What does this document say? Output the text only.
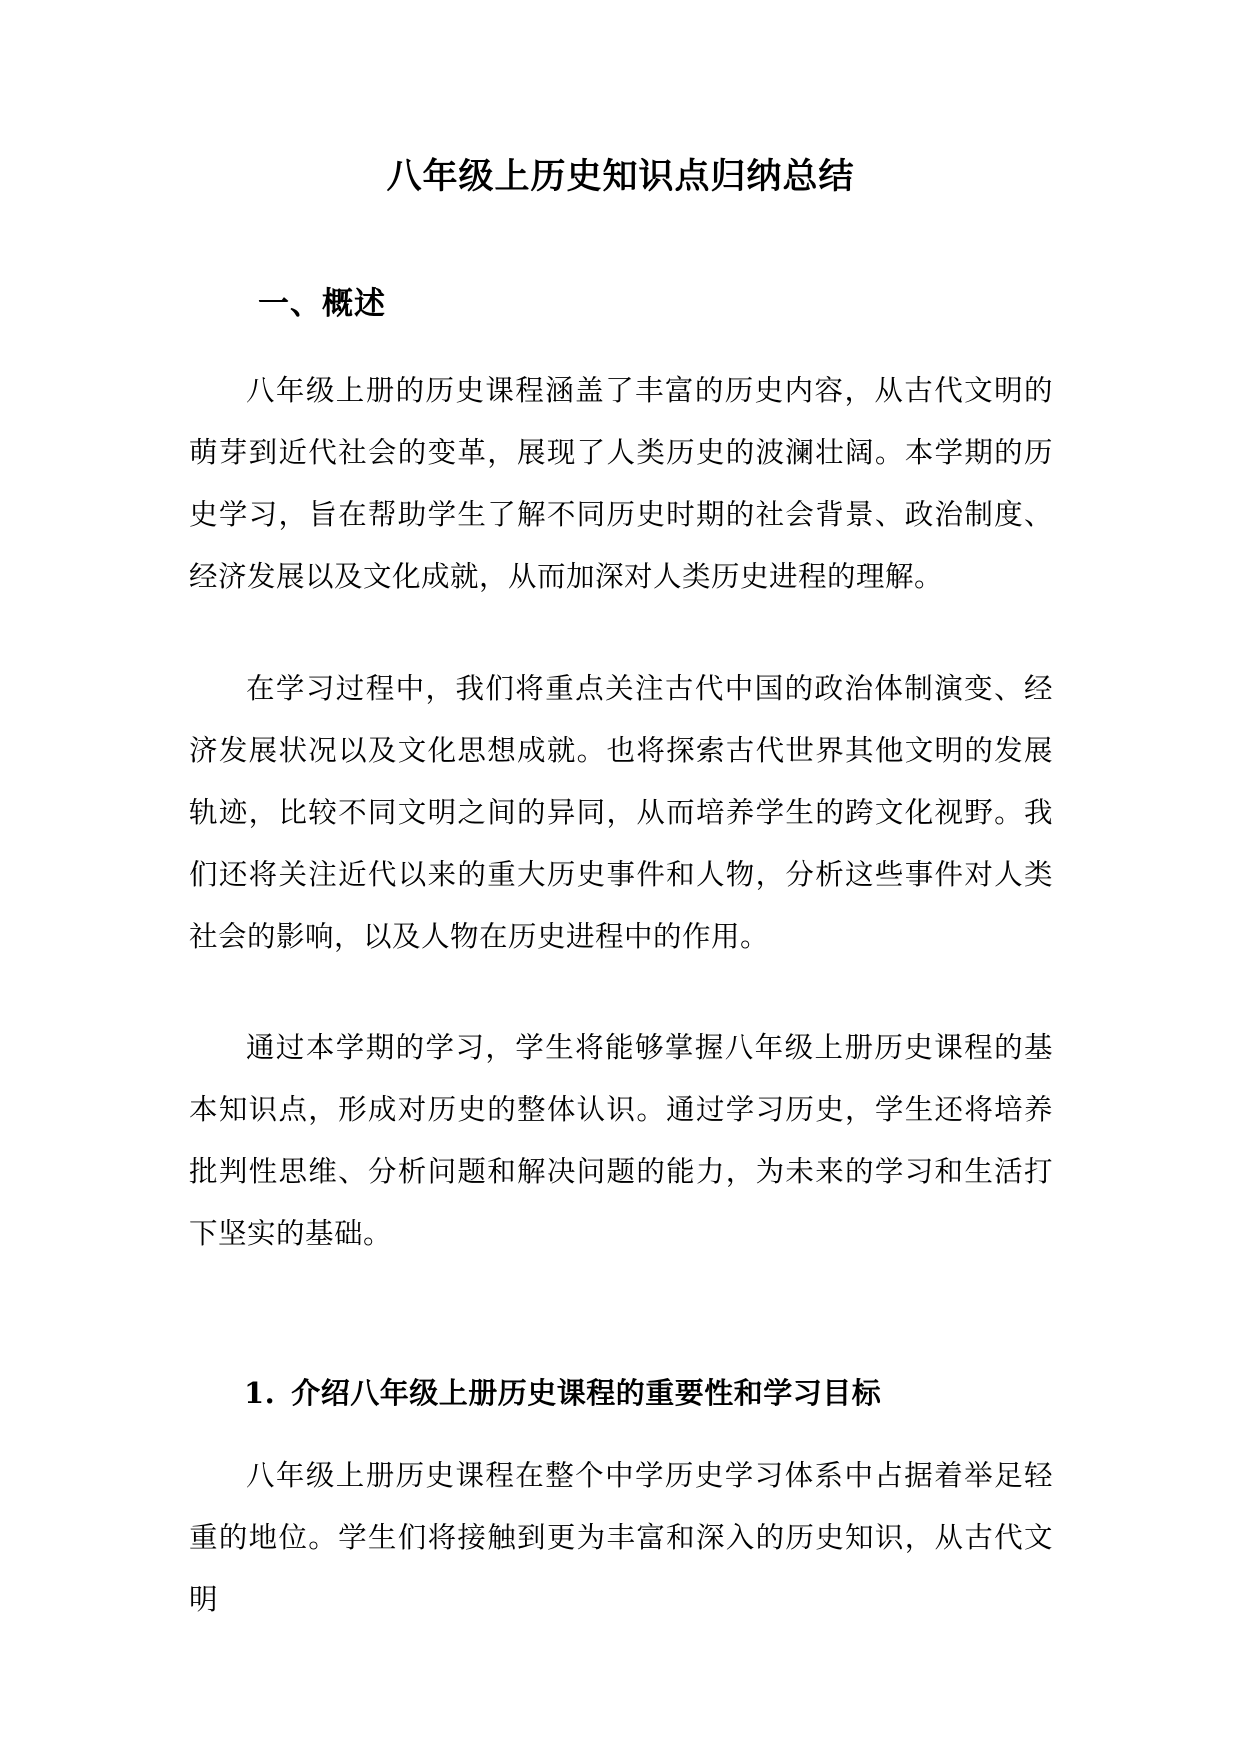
八年级上历史知识点归纳总结
一、概述

八年级上册的历史课程涵盖了丰富的历史内容，从古代文明的萌芽到近代社会的变革，展现了人类历史的波澜壮阔。本学期的历史学习，旨在帮助学生了解不同历史时期的社会背景、政治制度、经济发展以及文化成就，从而加深对人类历史进程的理解。

在学习过程中，我们将重点关注古代中国的政治体制演变、经济发展状况以及文化思想成就。也将探索古代世界其他文明的发展轨迹，比较不同文明之间的异同，从而培养学生的跨文化视野。我们还将关注近代以来的重大历史事件和人物，分析这些事件对人类社会的影响，以及人物在历史进程中的作用。

通过本学期的学习，学生将能够掌握八年级上册历史课程的基本知识点，形成对历史的整体认识。通过学习历史，学生还将培养批判性思维、分析问题和解决问题的能力，为未来的学习和生活打下坚实的基础。

1. 介绍八年级上册历史课程的重要性和学习目标

八年级上册历史课程在整个中学历史学习体系中占据着举足轻重的地位。学生们将接触到更为丰富和深入的历史知识，从古代文明
